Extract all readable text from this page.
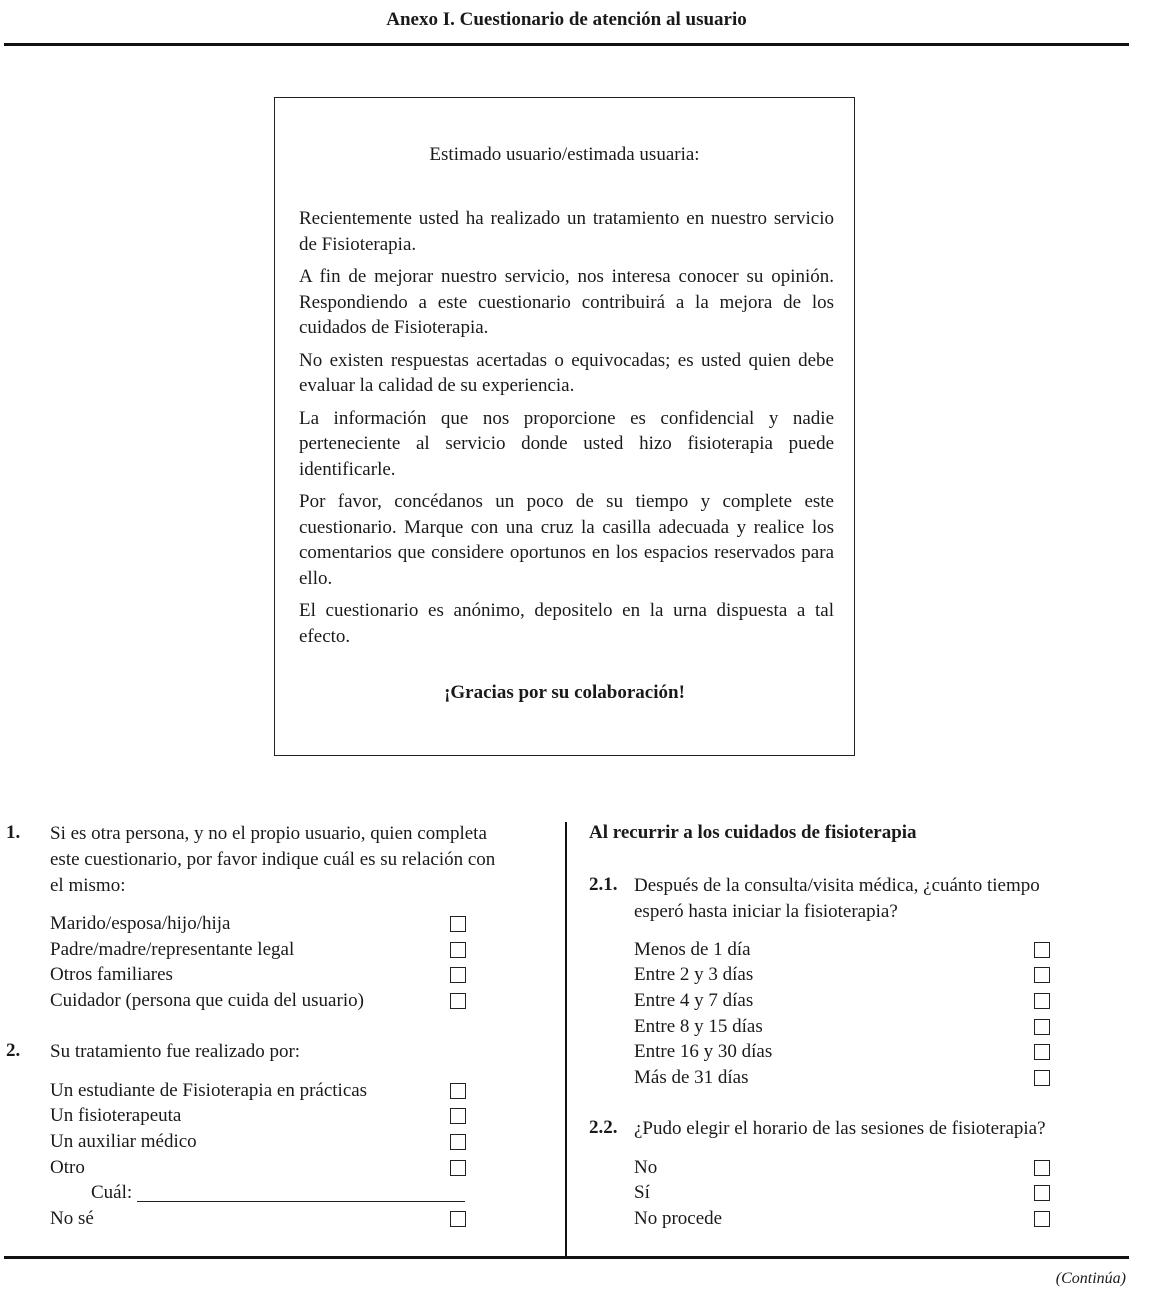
Anexo I. Cuestionario de atención al usuario
Estimado usuario/estimada usuaria:

Recientemente usted ha realizado un tratamiento en nuestro servicio de Fisioterapia.

A fin de mejorar nuestro servicio, nos interesa conocer su opinión. Respondiendo a este cuestionario contribuirá a la mejora de los cuidados de Fisioterapia.

No existen respuestas acertadas o equivocadas; es usted quien debe evaluar la calidad de su experiencia.

La información que nos proporcione es confidencial y nadie perteneciente al servicio donde usted hizo fisioterapia puede identificarle.

Por favor, concédanos un poco de su tiempo y complete este cuestionario. Marque con una cruz la casilla adecuada y realice los comentarios que considere oportunos en los espacios reservados para ello.

El cuestionario es anónimo, depositelo en la urna dispuesta a tal efecto.

¡Gracias por su colaboración!
1. Si es otra persona, y no el propio usuario, quien completa
este cuestionario, por favor indique cuál es su relación con
el mismo:
Marido/esposa/hijo/hija
Padre/madre/representante legal
Otros familiares
Cuidador (persona que cuida del usuario)
2. Su tratamiento fue realizado por:
Un estudiante de Fisioterapia en prácticas
Un fisioterapeuta
Un auxiliar médico
Otro
Cuál:
No sé
Al recurrir a los cuidados de fisioterapia
2.1. Después de la consulta/visita médica, ¿cuánto tiempo
esperó hasta iniciar la fisioterapia?
Menos de 1 día
Entre 2 y 3 días
Entre 4 y 7 días
Entre 8 y 15 días
Entre 16 y 30 días
Más de 31 días
2.2. ¿Pudo elegir el horario de las sesiones de fisioterapia?
No
Sí
No procede
(Continúa)
